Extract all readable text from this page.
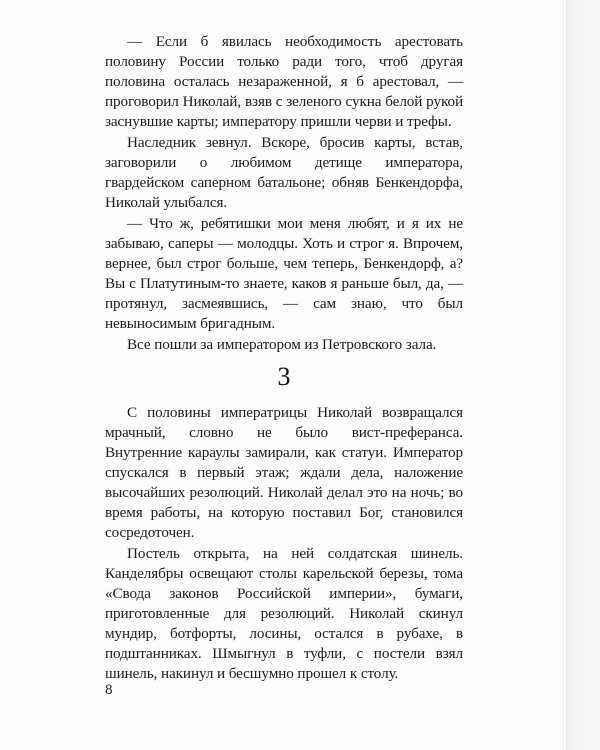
— Если б явилась необходимость арестовать половину России только ради того, чтоб другая половина осталась незараженной, я б арестовал, — проговорил Николай, взяв с зеленого сукна белой рукой заснувшие карты; императору пришли черви и трефы.

Наследник зевнул. Вскоре, бросив карты, встав, заговорили о любимом детище императора, гвардейском саперном батальоне; обняв Бенкендорфа, Николай улыбался.

— Что ж, ребятишки мои меня любят, и я их не забываю, саперы — молодцы. Хоть и строг я. Впрочем, вернее, был строг больше, чем теперь, Бенкендорф, а? Вы с Платутиным-то знаете, каков я раньше был, да, — протянул, засмеявшись, — сам знаю, что был невыносимым бригадным.

Все пошли за императором из Петровского зала.

3

С половины императрицы Николай возвращался мрачный, словно не было вист-преферанса. Внутренние караулы замирали, как статуи. Император спускался в первый этаж; ждали дела, наложение высочайших резолюций. Николай делал это на ночь; во время работы, на которую поставил Бог, становился сосредоточен.

Постель открыта, на ней солдатская шинель. Канделябры освещают столы карельской березы, тома «Свода законов Российской империи», бумаги, приготовленные для резолюций. Николай скинул мундир, ботфорты, лосины, остался в рубахе, в подштанниках. Шмыгнул в туфли, с постели взял шинель, накинул и бесшумно прошел к столу.

8
